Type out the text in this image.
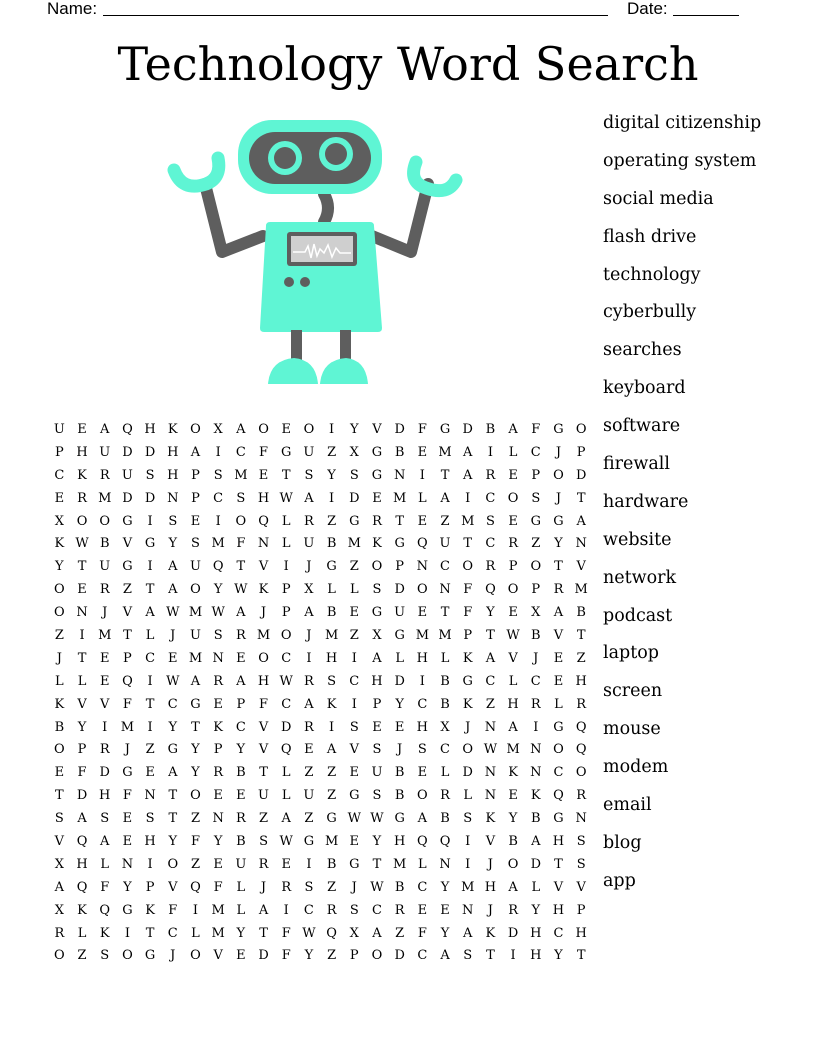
Name:	Date:
Technology Word Search
U E	A Q H K O X	A O E O	I	Y	V D F G D B	A	F G O
P H U D D H A	I	C	F G U Z	X G B	E M A	I	L	C	J	P
C K R U S H P	S M E	T	S	Y	S	G N	I	T	A	R	E	P O D
E	R M D D N P	C	S H W A	I	D E M L	A	I	C O S	J	T
X O O G	I	S	E	I	O Q	L	R	Z G R	T	E	Z M S	E G G A
K W B	V G	Y	S M F N L U B M K G Q U T	C R	Z	Y N
Y	T U G	I	A U Q	T	V	I	J	G Z O P N C O R	P O	T	V
O E	R	Z	T	A O	Y W K	P	X	L	L	S	D O N F Q O P	R M
O N	J	V	A W M W A	J	P	A	B	E G U E	T	F	Y	E	X	A	B
Z	I	M T	L	J	U S	R M O	J	M Z	X G M M P	T W B	V	T
J	T	E	P	C E M N E O C	I	H	I	A	L H L	K	A	V	J	E	Z
L	L	E Q	I	W A	R	A H W R	S	C H D	I	B G C	L	C E H
K	V	V	F	T	C G E	P	F	C	A	K	I	P	Y	C B	K	Z H R	L	R
B	Y	I	M	I	Y	T	K C	V D R	I	S	E	E H X	J	N A	I	G Q
O P	R	J	Z G	Y	P	Y	V Q E	A	V	S	J	S	C O W M N O Q
E	F D G E	A	Y	R	B	T	L	Z	Z	E U B	E	L	D N K N C O
T	D H F N T	O E	E U L U Z G	S	B O R	L N E	K Q R
S	A	S	E	S	T	Z N R	Z	A	Z G W W G A	B	S	K	Y	B G N
V Q A	E H Y	F	Y	B	S W G M E	Y H Q Q	I	V	B	A H S
X H L N	I	O Z	E U R	E	I	B G	T M L N	I	J	O D	T	S
A Q F	Y	P	V Q F	L	J	R	S	Z	J	W B C	Y M H A	L	V	V
X	K Q G K	F	I	M L	A	I	C R	S	C R	E	E N	J	R	Y H P
R	L	K	I	T	C	L M Y	T	F W Q X	A	Z	F	Y	A	K D H C H
O Z	S O G	J	O V	E D F	Y	Z	P O D C	A	S	T	I	H Y	T
digital citizenship
operating system
social media
flash drive
technology
cyberbully
searches
keyboard
software
firewall
hardware
website
network
podcast
laptop
screen
mouse
modem
email
blog
app
